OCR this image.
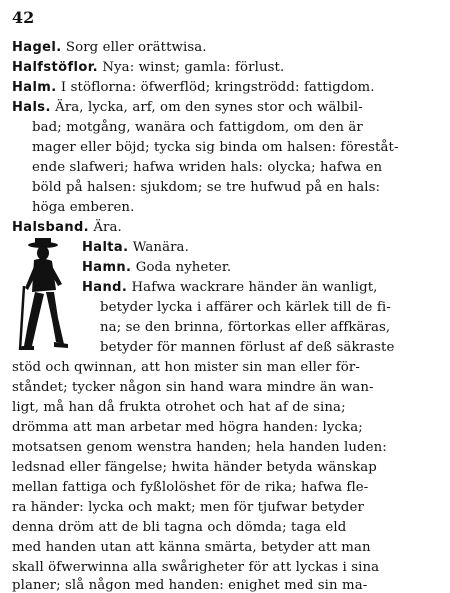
42
Hagel. Sorg eller orättwisa.
Halfstöflor. Nya: winst; gamla: förlust.
Halm. I stöflorna: öfwerflöd; kringströdd: fattigdom.
Hals. Ära, lycka, arf, om den synes stor och wälbil-
bad; motgång, wanära och fattigdom, om den är
mager eller böjd; tycka sig binda om halsen: föreståt-
ende slafweri; hafwa wriden hals: olycka; hafwa en
böld på halsen: sjukdom; se tre hufwud på en hals:
höga emberen.
Halsband. Ära.
Halta. Wanära.
Hamn. Goda nyheter.
Hand. Hafwa wackrare händer än wanligt,
betyder lycka i affärer och kärlek till de fi-
na; se den brinna, förtorkas eller affkäras,
betyder för mannen förlust af deß säkraste
stöd och qwinnan, att hon mister sin man eller för-
ståndet; tycker någon sin hand wara mindre än wan-
ligt, må han då frukta otrohet och hat af de sina;
drömma att man arbetar med högra handen: lycka;
motsatsen genom wenstra handen; hela handen luden:
ledsnad eller fängelse; hwita händer betyda wänskap
mellan fattiga och fyßlolöshet för de rika; hafwa fle-
ra händer: lycka och makt; men för tjufwar betyder
denna dröm att de bli tagna och dömda; taga eld
med handen utan att känna smärta, betyder att man
skall öfwerwinna alla swårigheter för att lyckas i sina
planer; slå någon med handen: enighet med sin ma-
